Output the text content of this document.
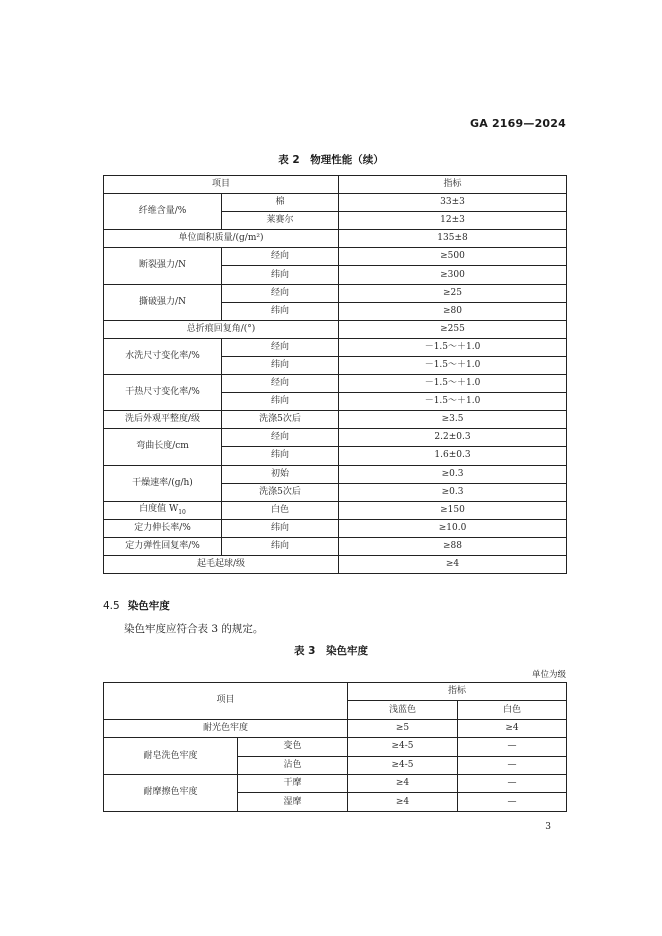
GA 2169—2024
表 2　物理性能（续）
项目		指标
纤维含量/%	棉	33±3
	莱赛尔	12±3
单位面积质量/(g/m²)		135±8
断裂强力/N	经向	≥500
	纬向	≥300
撕破强力/N	经向	≥25
	纬向	≥80
总折痕回复角/(°)		≥255
水洗尺寸变化率/%	经向	－1.5～＋1.0
	纬向	－1.5～＋1.0
干热尺寸变化率/%	经向	－1.5～＋1.0
	纬向	－1.5～＋1.0
洗后外观平整度/级	洗涤5次后	≥3.5
弯曲长度/cm	经向	2.2±0.3
	纬向	1.6±0.3
干燥速率/(g/h)	初始	≥0.3
	洗涤5次后	≥0.3
白度值 $W_{10}$	白色	≥150
定力伸长率/%	纬向	≥10.0
定力弹性回复率/%	纬向	≥88
起毛起球/级		≥4
4.5 染色牢度
染色牢度应符合表 3 的规定。
表 3　染色牢度
单位为级
项目		指标	
		浅蓝色	白色
耐光色牢度		≥5	≥4
耐皂洗色牢度	变色	≥4-5	—
	沾色	≥4-5	—
耐摩擦色牢度	干摩	≥4	—
	湿摩	≥4	—
3
